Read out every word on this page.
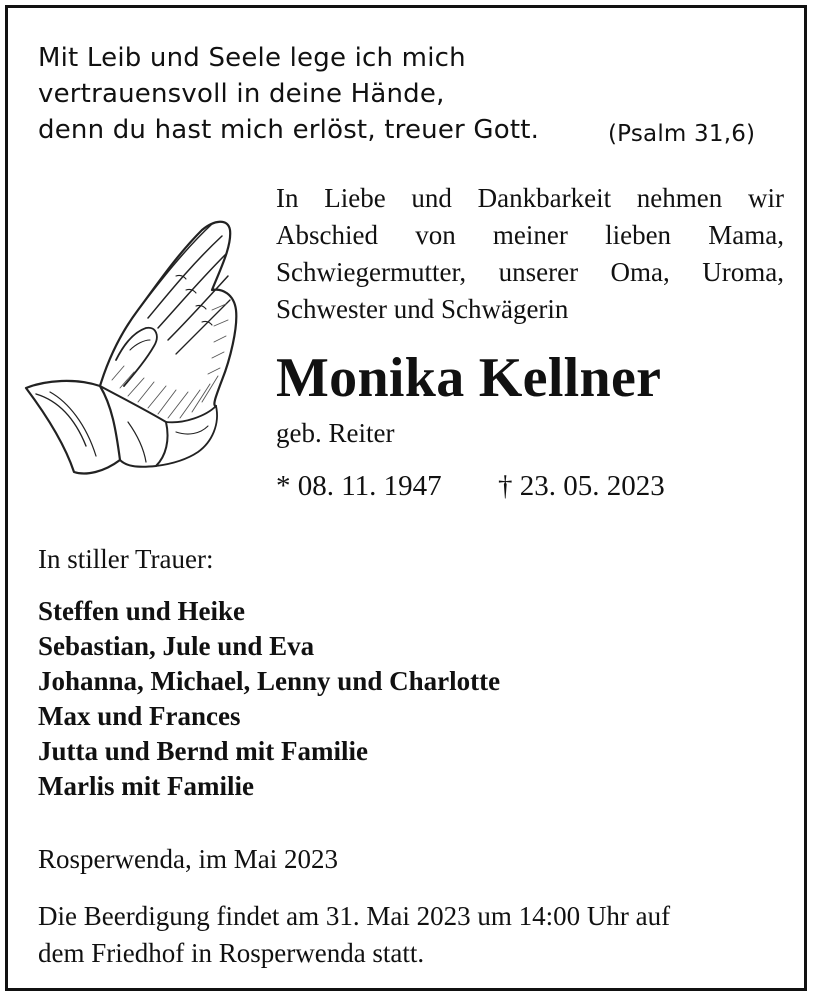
Mit Leib und Seele lege ich mich
vertrauensvoll in deine Hände,
denn du hast mich erlöst, treuer Gott.	(Psalm 31,6)
In Liebe und Dankbarkeit nehmen wir
Abschied von meiner lieben Mama,
Schwiegermutter, unserer Oma, Uroma,
Schwester und Schwägerin
Monika Kellner
geb. Reiter
* 08. 11. 1947 † 23. 05. 2023
In stiller Trauer:
Steffen und Heike
Sebastian, Jule und Eva
Johanna, Michael, Lenny und Charlotte
Max und Frances
Jutta und Bernd mit Familie
Marlis mit Familie
Rosperwenda, im Mai 2023
Die Beerdigung findet am 31. Mai 2023 um 14:00 Uhr auf
dem Friedhof in Rosperwenda statt.
